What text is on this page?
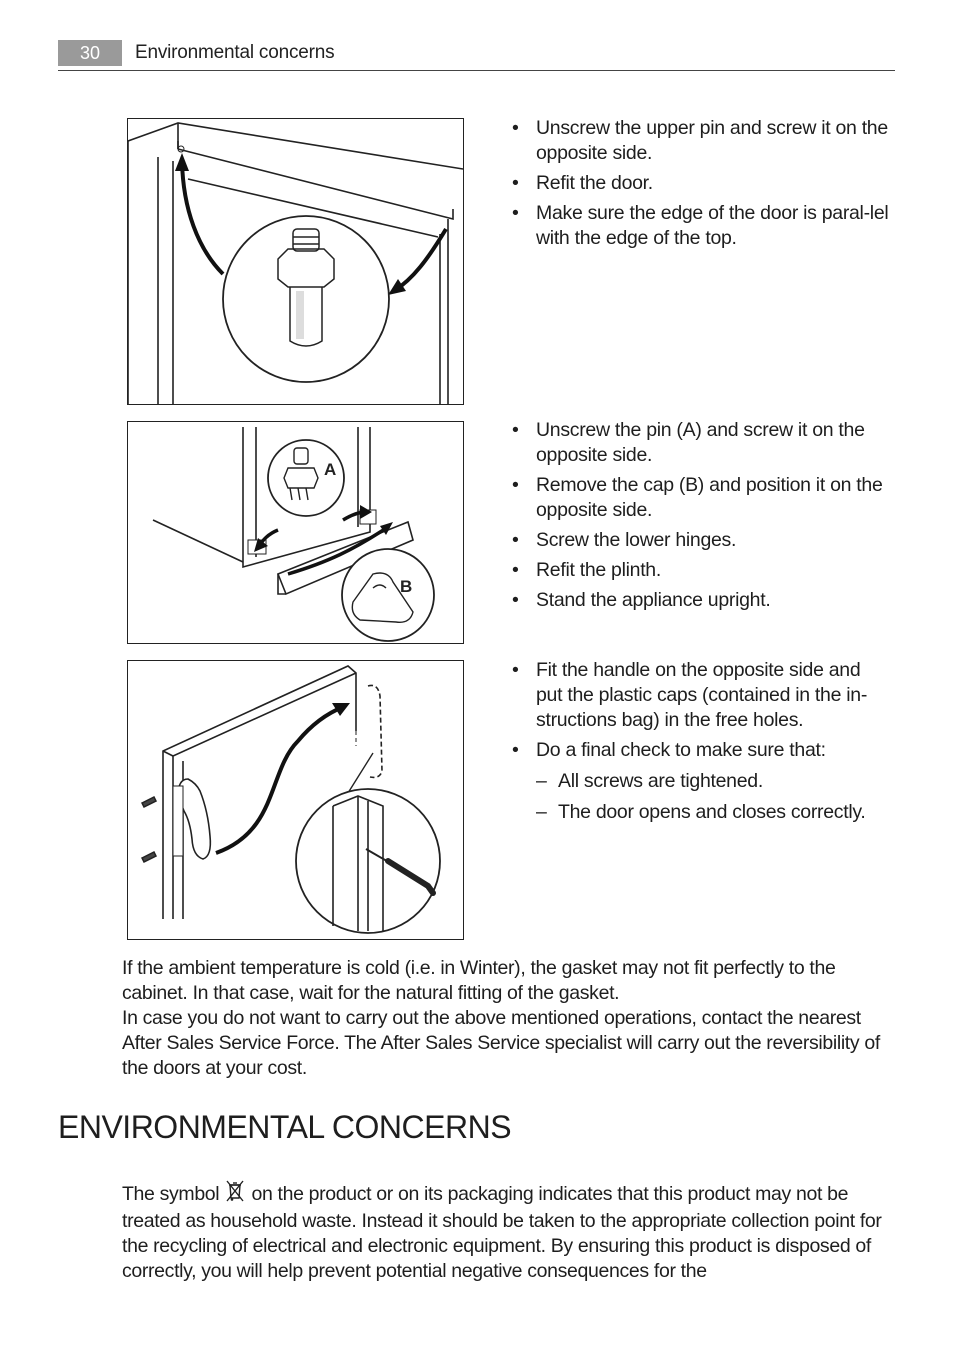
30	Environmental concerns
A
B
• Unscrew the upper pin and screw it on the opposite side.
• Refit the door.
• Make sure the edge of the door is paral-lel with the edge of the top.
• Unscrew the pin (A) and screw it on the opposite side.
• Remove the cap (B) and position it on the opposite side.
• Screw the lower hinges.
• Refit the plinth.
• Stand the appliance upright.
• Fit the handle on the opposite side and put the plastic caps (contained in the in-structions bag) in the free holes.
• Do a final check to make sure that:
– All screws are tightened.
– The door opens and closes correctly.

If the ambient temperature is cold (i.e. in Winter), the gasket may not fit perfectly to the cabinet. In that case, wait for the natural fitting of the gasket.

In case you do not want to carry out the above mentioned operations, contact the nearest After Sales Service Force. The After Sales Service specialist will carry out the reversibility of the doors at your cost.

ENVIRONMENTAL CONCERNS

The symbol on the product or on its packaging indicates that this product may not be treated as household waste. Instead it should be taken to the appropriate collection point for the recycling of electrical and electronic equipment. By ensuring this product is disposed of correctly, you will help prevent potential negative consequences for the
